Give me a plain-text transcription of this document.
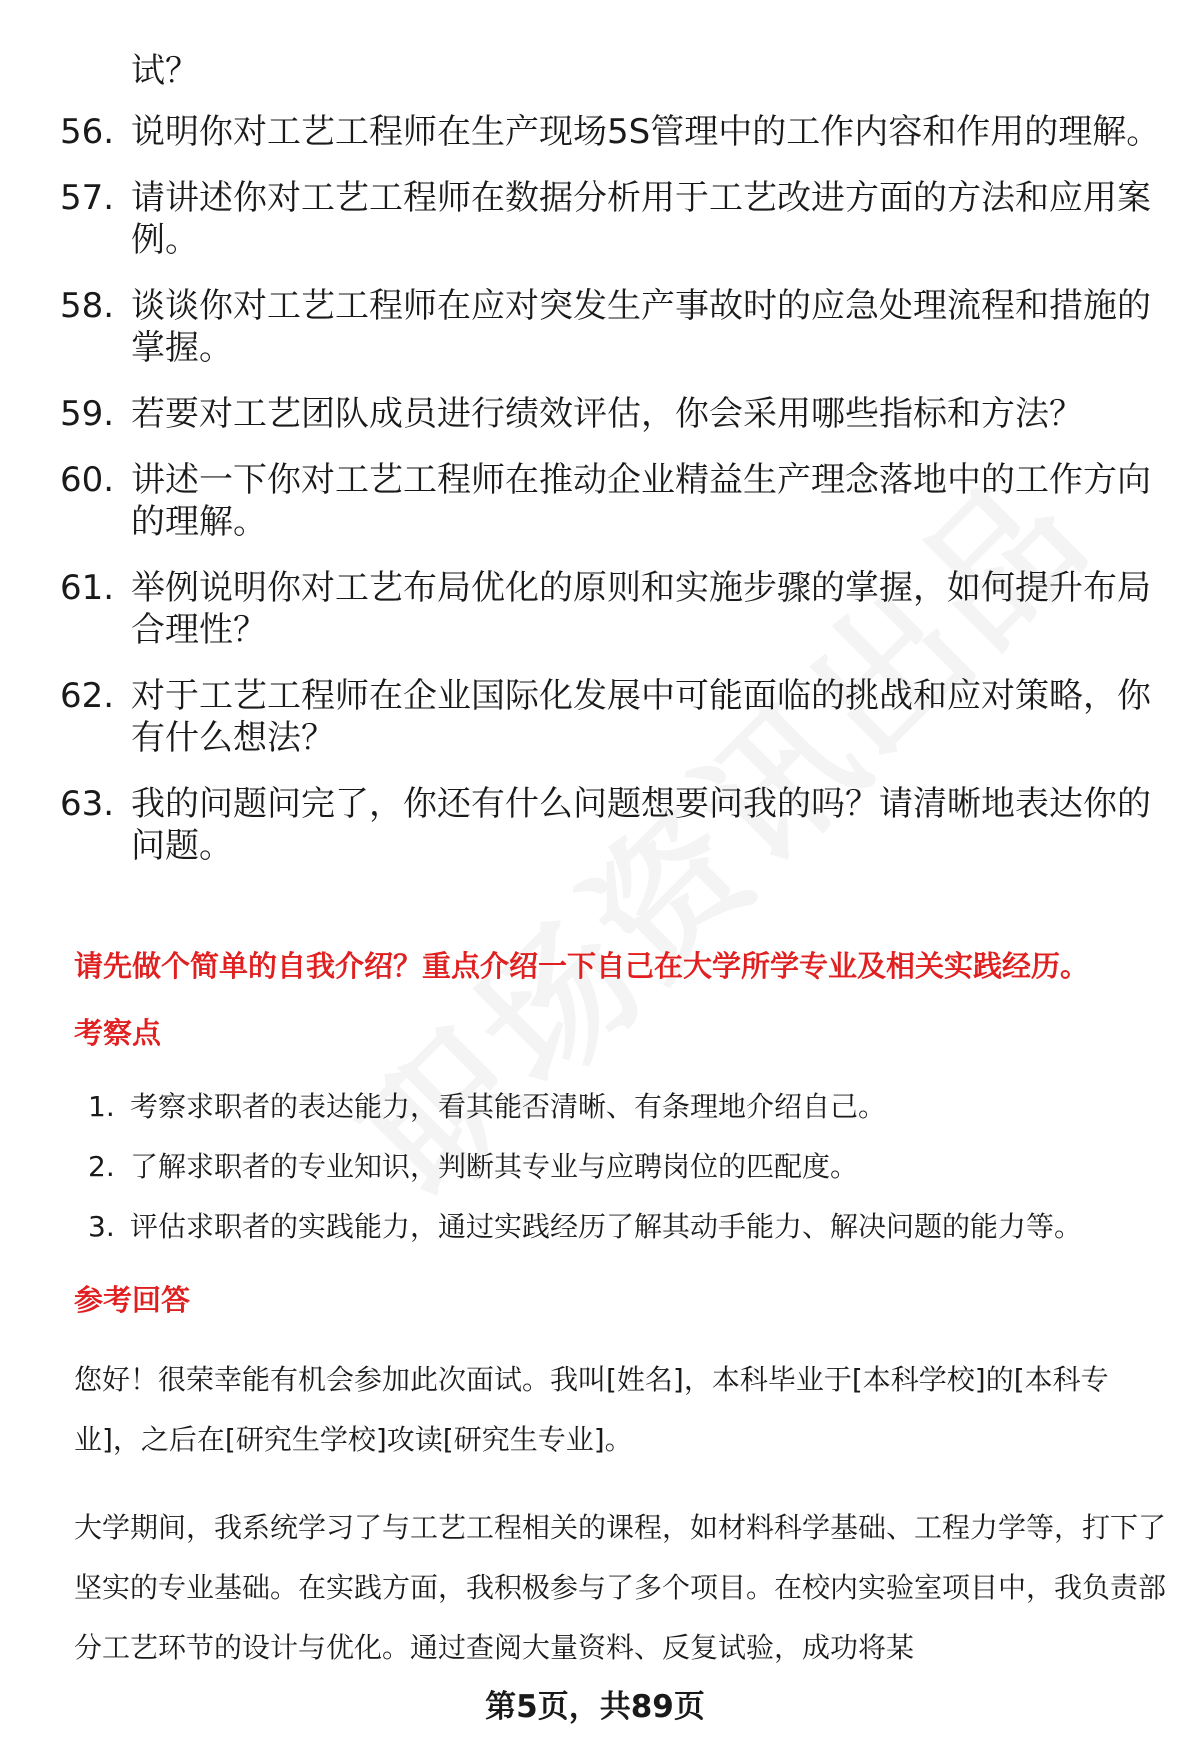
试？
56. 说明你对工艺工程师在生产现场5S管理中的工作内容和作用的理解。
57. 请讲述你对工艺工程师在数据分析用于工艺改进方面的方法和应用案例。
58. 谈谈你对工艺工程师在应对突发生产事故时的应急处理流程和措施的掌握。
59. 若要对工艺团队成员进行绩效评估，你会采用哪些指标和方法？
60. 讲述一下你对工艺工程师在推动企业精益生产理念落地中的工作方向的理解。
61. 举例说明你对工艺布局优化的原则和实施步骤的掌握，如何提升布局合理性？
62. 对于工艺工程师在企业国际化发展中可能面临的挑战和应对策略，你有什么想法？
63. 我的问题问完了，你还有什么问题想要问我的吗？请清晰地表达你的问题。
请先做个简单的自我介绍？重点介绍一下自己在大学所学专业及相关实践经历。
考察点
1. 考察求职者的表达能力，看其能否清晰、有条理地介绍自己。
2. 了解求职者的专业知识，判断其专业与应聘岗位的匹配度。
3. 评估求职者的实践能力，通过实践经历了解其动手能力、解决问题的能力等。
参考回答
您好！很荣幸能有机会参加此次面试。我叫[姓名]，本科毕业于[本科学校]的[本科专业]，之后在[研究生学校]攻读[研究生专业]。
大学期间，我系统学习了与工艺工程相关的课程，如材料科学基础、工程力学等，打下了坚实的专业基础。在实践方面，我积极参与了多个项目。在校内实验室项目中，我负责部分工艺环节的设计与优化。通过查阅大量资料、反复试验，成功将某
第5页，共89页
